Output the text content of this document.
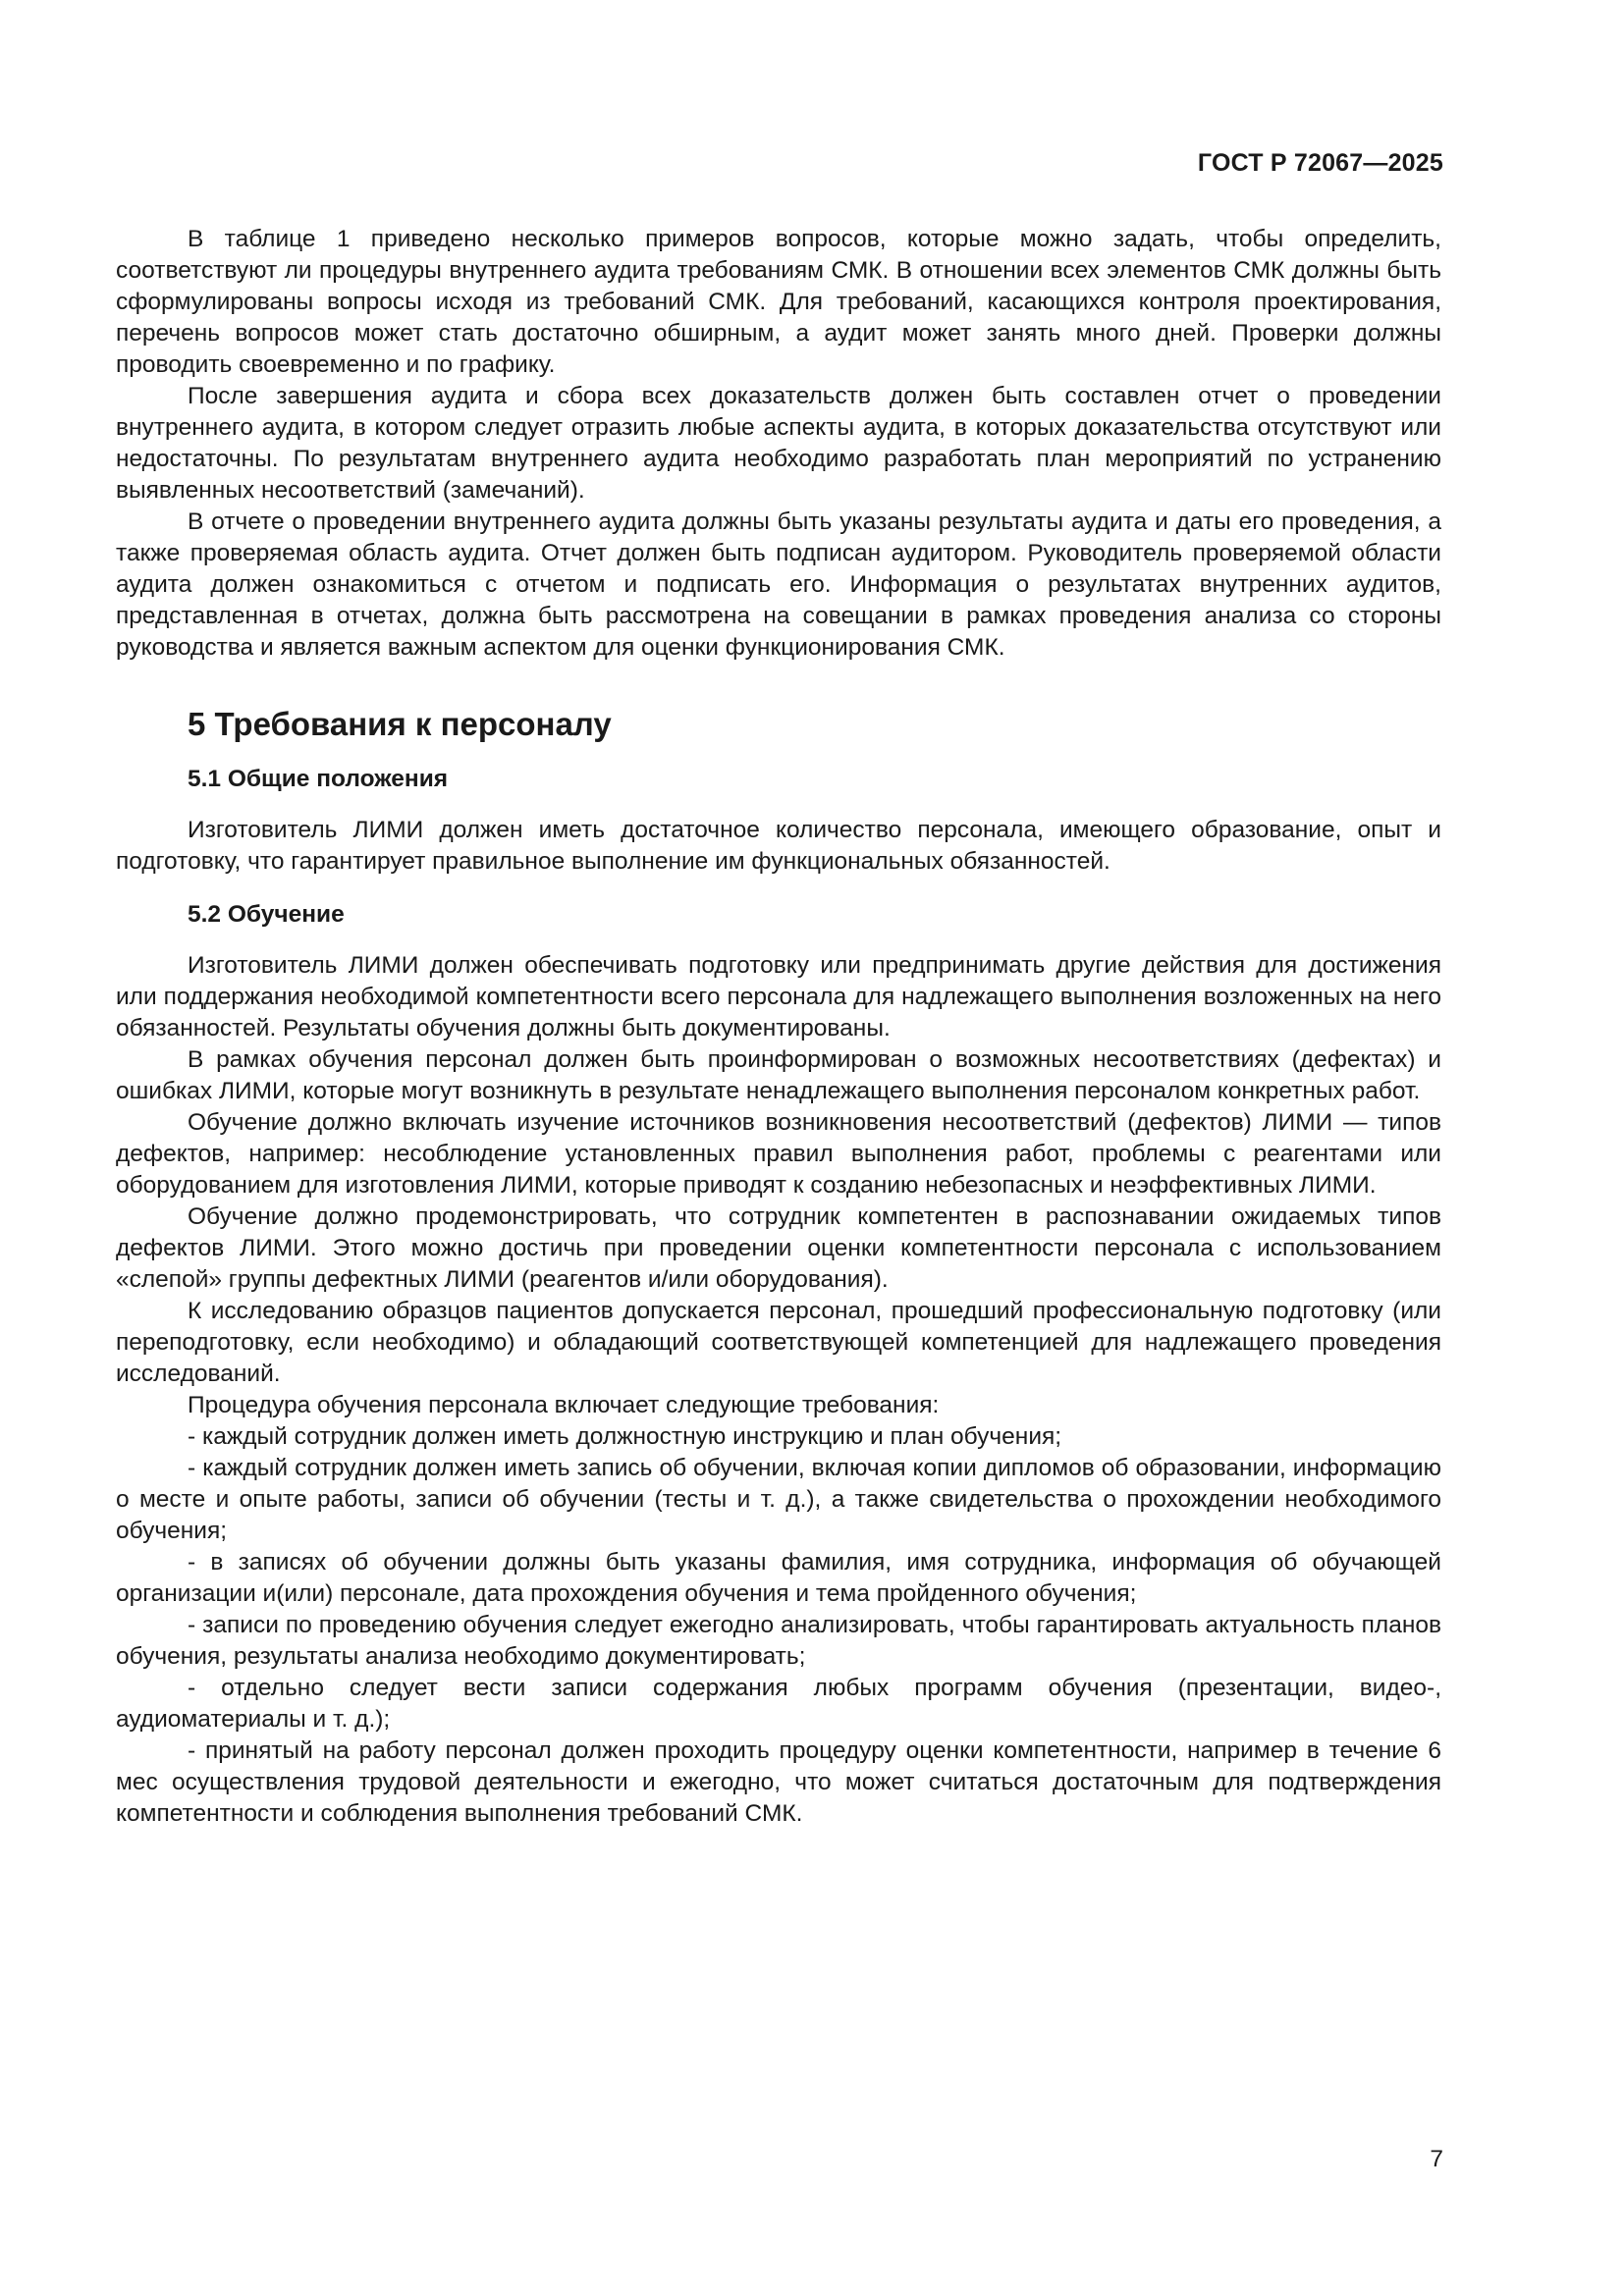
ГОСТ Р 72067—2025

В таблице 1 приведено несколько примеров вопросов, которые можно задать, чтобы определить, соответствуют ли процедуры внутреннего аудита требованиям СМК. В отношении всех элементов СМК должны быть сформулированы вопросы исходя из требований СМК. Для требований, касающихся контроля проектирования, перечень вопросов может стать достаточно обширным, а аудит может занять много дней. Проверки должны проводить своевременно и по графику.

После завершения аудита и сбора всех доказательств должен быть составлен отчет о проведении внутреннего аудита, в котором следует отразить любые аспекты аудита, в которых доказательства отсутствуют или недостаточны. По результатам внутреннего аудита необходимо разработать план мероприятий по устранению выявленных несоответствий (замечаний).

В отчете о проведении внутреннего аудита должны быть указаны результаты аудита и даты его проведения, а также проверяемая область аудита. Отчет должен быть подписан аудитором. Руководитель проверяемой области аудита должен ознакомиться с отчетом и подписать его. Информация о результатах внутренних аудитов, представленная в отчетах, должна быть рассмотрена на совещании в рамках проведения анализа со стороны руководства и является важным аспектом для оценки функционирования СМК.

5 Требования к персоналу
5.1 Общие положения

Изготовитель ЛИМИ должен иметь достаточное количество персонала, имеющего образование, опыт и подготовку, что гарантирует правильное выполнение им функциональных обязанностей.

5.2 Обучение

Изготовитель ЛИМИ должен обеспечивать подготовку или предпринимать другие действия для достижения или поддержания необходимой компетентности всего персонала для надлежащего выполнения возложенных на него обязанностей. Результаты обучения должны быть документированы.

В рамках обучения персонал должен быть проинформирован о возможных несоответствиях (дефектах) и ошибках ЛИМИ, которые могут возникнуть в результате ненадлежащего выполнения персоналом конкретных работ.

Обучение должно включать изучение источников возникновения несоответствий (дефектов) ЛИМИ — типов дефектов, например: несоблюдение установленных правил выполнения работ, проблемы с реагентами или оборудованием для изготовления ЛИМИ, которые приводят к созданию небезопасных и неэффективных ЛИМИ.

Обучение должно продемонстрировать, что сотрудник компетентен в распознавании ожидаемых типов дефектов ЛИМИ. Этого можно достичь при проведении оценки компетентности персонала с использованием «слепой» группы дефектных ЛИМИ (реагентов и/или оборудования).

К исследованию образцов пациентов допускается персонал, прошедший профессиональную подготовку (или переподготовку, если необходимо) и обладающий соответствующей компетенцией для надлежащего проведения исследований.

Процедура обучения персонала включает следующие требования:

- каждый сотрудник должен иметь должностную инструкцию и план обучения;

- каждый сотрудник должен иметь запись об обучении, включая копии дипломов об образовании, информацию о месте и опыте работы, записи об обучении (тесты и т. д.), а также свидетельства о прохождении необходимого обучения;

- в записях об обучении должны быть указаны фамилия, имя сотрудника, информация об обучающей организации и(или) персонале, дата прохождения обучения и тема пройденного обучения;

- записи по проведению обучения следует ежегодно анализировать, чтобы гарантировать актуальность планов обучения, результаты анализа необходимо документировать;

- отдельно следует вести записи содержания любых программ обучения (презентации, видео-, аудиоматериалы и т. д.);

- принятый на работу персонал должен проходить процедуру оценки компетентности, например в течение 6 мес осуществления трудовой деятельности и ежегодно, что может считаться достаточным для подтверждения компетентности и соблюдения выполнения требований СМК.

7
